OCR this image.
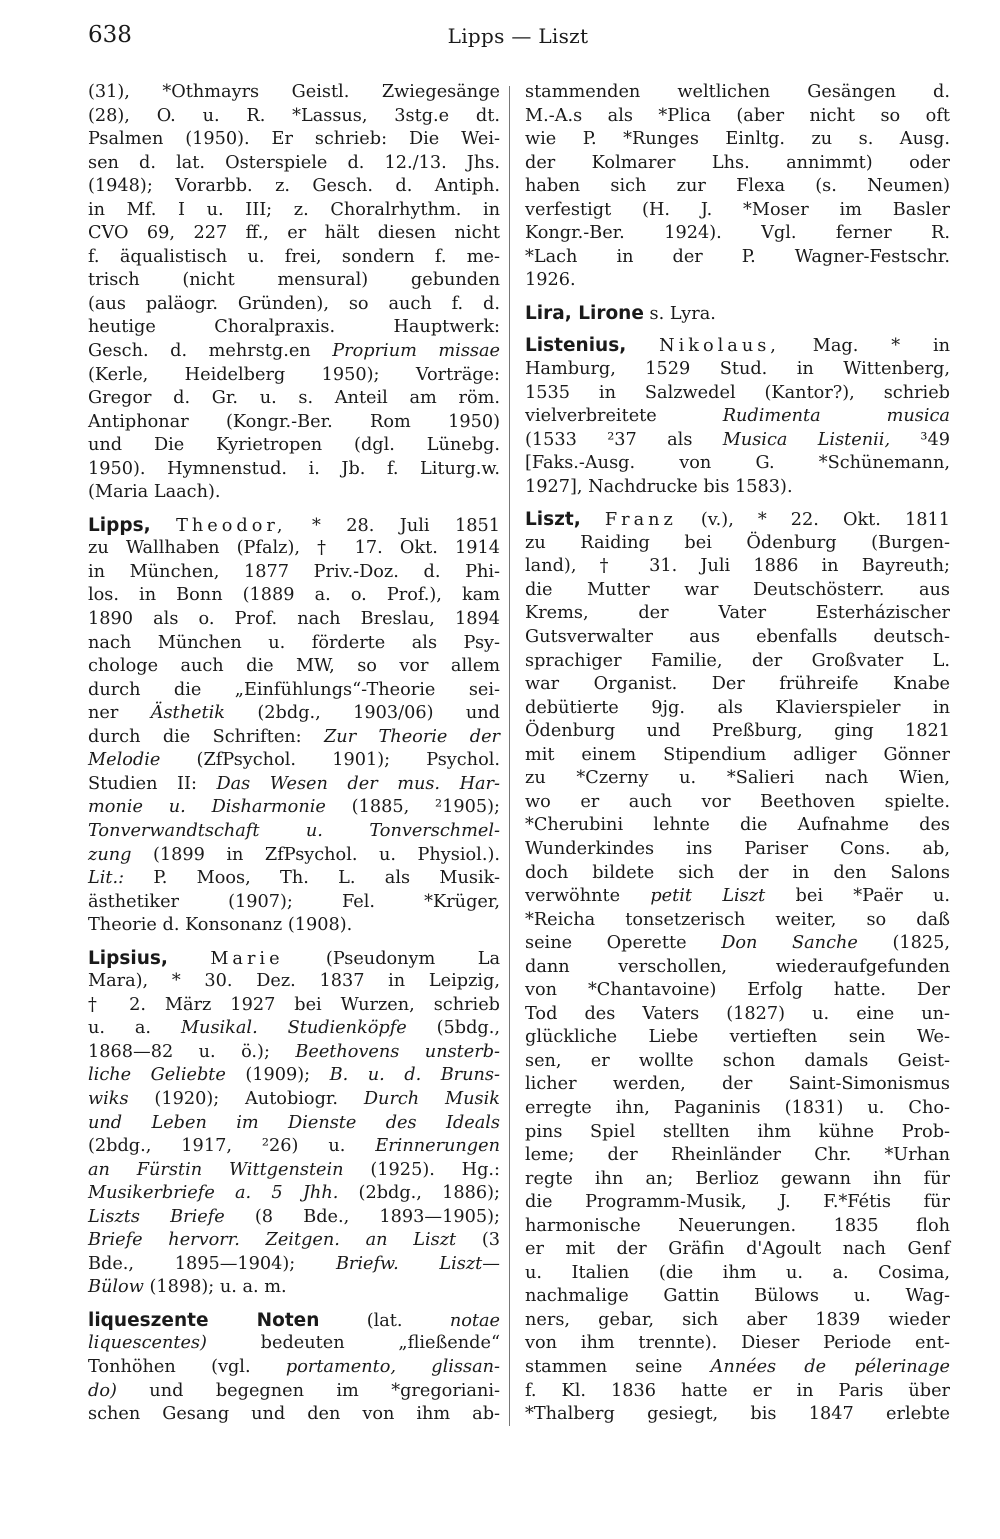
638	Lipps — Liszt
(31), *Othmayrs Geistl. Zwiegesänge
(28), O. u. R. *Lassus, 3stg.e dt.
Psalmen (1950). Er schrieb: Die Wei-
sen d. lat. Osterspiele d. 12./13. Jhs.
(1948); Vorarbb. z. Gesch. d. Antiph.
in Mf. I u. III; z. Choralrhythm. in
CVO 69, 227 ff., er hält diesen nicht
f. äqualistisch u. frei, sondern f. me-
trisch (nicht mensural) gebunden
(aus paläogr. Gründen), so auch f. d.
heutige Choralpraxis. Hauptwerk:
Gesch. d. mehrstg.en Proprium missae
(Kerle, Heidelberg 1950); Vorträge:
Gregor d. Gr. u. s. Anteil am röm.
Antiphonar (Kongr.-Ber. Rom 1950)
und Die Kyrietropen (dgl. Lünebg.
1950). Hymnenstud. i. Jb. f. Liturg.w.
(Maria Laach).
Lipps, Theodor, * 28. Juli 1851
zu Wallhaben (Pfalz), † 17. Okt. 1914
in München, 1877 Priv.-Doz. d. Phi-
los. in Bonn (1889 a. o. Prof.), kam
1890 als o. Prof. nach Breslau, 1894
nach München u. förderte als Psy-
chologe auch die MW, so vor allem
durch die „Einfühlungs“-Theorie sei-
ner Ästhetik (2bdg., 1903/06) und
durch die Schriften: Zur Theorie der
Melodie (ZfPsychol. 1901); Psychol.
Studien II: Das Wesen der mus. Har-
monie u. Disharmonie (1885, ²1905);
Tonverwandtschaft u. Tonverschmel-
zung (1899 in ZfPsychol. u. Physiol.).
Lit.: P. Moos, Th. L. als Musik-
ästhetiker (1907); Fel. *Krüger,
Theorie d. Konsonanz (1908).
Lipsius, Marie (Pseudonym La
Mara), * 30. Dez. 1837 in Leipzig,
† 2. März 1927 bei Wurzen, schrieb
u. a. Musikal. Studienköpfe (5bdg.,
1868—82 u. ö.); Beethovens unsterb-
liche Geliebte (1909); B. u. d. Bruns-
wiks (1920); Autobiogr. Durch Musik
und Leben im Dienste des Ideals
(2bdg., 1917, ²26) u. Erinnerungen
an Fürstin Wittgenstein (1925). Hg.:
Musikerbriefe a. 5 Jhh. (2bdg., 1886);
Liszts Briefe (8 Bde., 1893—1905);
Briefe hervorr. Zeitgen. an Liszt (3
Bde., 1895—1904); Briefw. Liszt—
Bülow (1898); u. a. m.
liqueszente Noten	(lat. notae
liquescentes) bedeuten „fließende“
Tonhöhen (vgl. portamento, glissan-
do) und begegnen im *gregoriani-
schen Gesang und den von ihm ab-
stammenden weltlichen Gesängen d.
M.-A.s als *Plica (aber nicht so oft
wie P. *Runges Einltg. zu s. Ausg.
der Kolmarer Lhs. annimmt) oder
haben sich zur Flexa (s. Neumen)
verfestigt (H. J. *Moser im Basler
Kongr.-Ber. 1924). Vgl. ferner R.
*Lach in der P. Wagner-Festschr.
1926.
Lira, Lirone s. Lyra.
Listenius, Nikolaus, Mag. * in
Hamburg, 1529 Stud. in Wittenberg,
1535 in Salzwedel (Kantor?), schrieb
vielverbreitete Rudimenta musica
(1533 ²37 als Musica Listenii, ³49
[Faks.-Ausg. von G. *Schünemann,
1927], Nachdrucke bis 1583).
Liszt, Franz (v.), * 22. Okt. 1811
zu Raiding bei Ödenburg (Burgen-
land), † 31. Juli 1886 in Bayreuth;
die Mutter war Deutschösterr. aus
Krems, der Vater Esterházischer
Gutsverwalter aus ebenfalls deutsch-
sprachiger Familie, der Großvater L.
war Organist. Der frühreife Knabe
debütierte 9jg. als Klavierspieler in
Ödenburg und Preßburg, ging 1821
mit einem Stipendium adliger Gönner
zu *Czerny u. *Salieri nach Wien,
wo er auch vor Beethoven spielte.
*Cherubini lehnte die Aufnahme des
Wunderkindes ins Pariser Cons. ab,
doch bildete sich der in den Salons
verwöhnte petit Liszt bei *Paër u.
*Reicha tonsetzerisch weiter, so daß
seine Operette Don Sanche (1825,
dann verschollen, wiederaufgefunden
von *Chantavoine) Erfolg hatte. Der
Tod des Vaters (1827) u. eine un-
glückliche Liebe vertieften sein We-
sen, er wollte schon damals Geist-
licher werden, der Saint-Simonismus
erregte ihn, Paganinis (1831) u. Cho-
pins Spiel stellten ihm kühne Prob-
leme; der Rheinländer Chr. *Urhan
regte ihn an; Berlioz gewann ihn für
die Programm-Musik, J. F.*Fétis für
harmonische Neuerungen. 1835 floh
er mit der Gräfin d'Agoult nach Genf
u. Italien (die ihm u. a. Cosima,
nachmalige Gattin Bülows u. Wag-
ners, gebar, sich aber 1839 wieder
von ihm trennte). Dieser Periode ent-
stammen seine Années de pélerinage
f. Kl. 1836 hatte er in Paris über
*Thalberg gesiegt, bis 1847 erlebte
